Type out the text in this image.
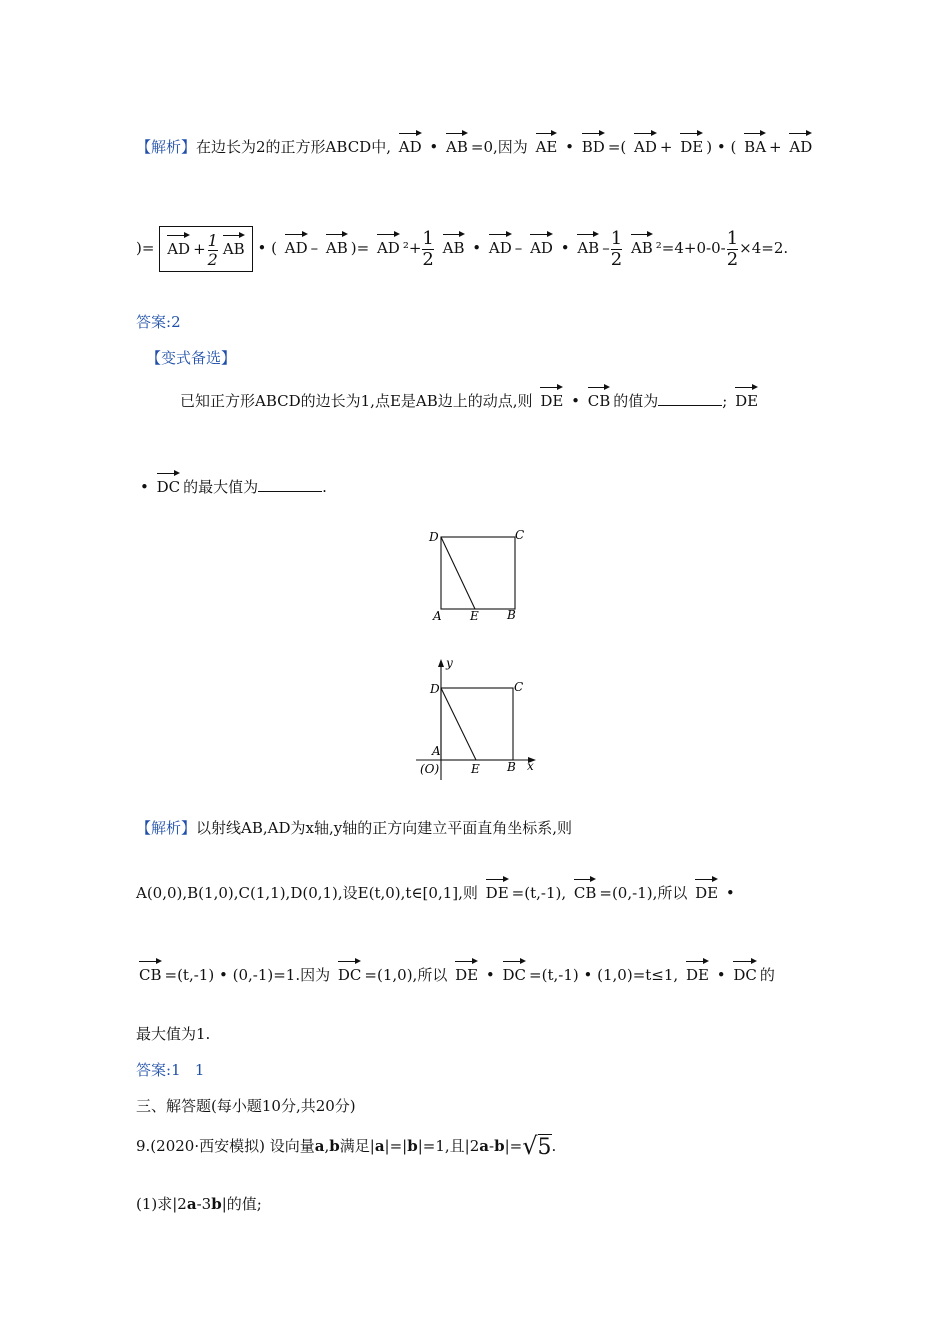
【解析】在边长为2的正方形ABCD中, AD • AB =0,因为 AE • BD =( AD + DE ) • ( BA + AD
)= AD + $\frac{1}{2}$ AB • ( AD – AB )= AD $^2+ \frac{1}{2}$ AB • AD – AD • AB – $\frac{1}{2}$ AB $^2=4+0-0- \frac{1}{2} \times 4=2$.
答案:2
【变式备选】
已知正方形ABCD的边长为1,点E是AB边上的动点,则 DE • CB 的值为	; DE
• DC 的最大值为	.
D	C
A E B
y
D	C
A
(O)	E B x
【解析】以射线AB,AD为x轴,y轴的正方向建立平面直角坐标系,则
A(0,0),B(1,0),C(1,1),D(0,1),设E(t,0),t∈[0,1],则 DE =(t,-1), CB =(0,-1),所以 DE •
CB =(t,-1) • (0,-1)=1.因为 DC =(1,0),所以 DE • DC =(t,-1) • (1,0)=t≤1, DE • DC 的
最大值为1.
答案:1   1
三、解答题(每小题10分,共20分)
9.(2020·西安模拟) 设向量a,b满足|a|=|b|=1,且|2a-b|=√5.
(1)求|2a-3b|的值;
